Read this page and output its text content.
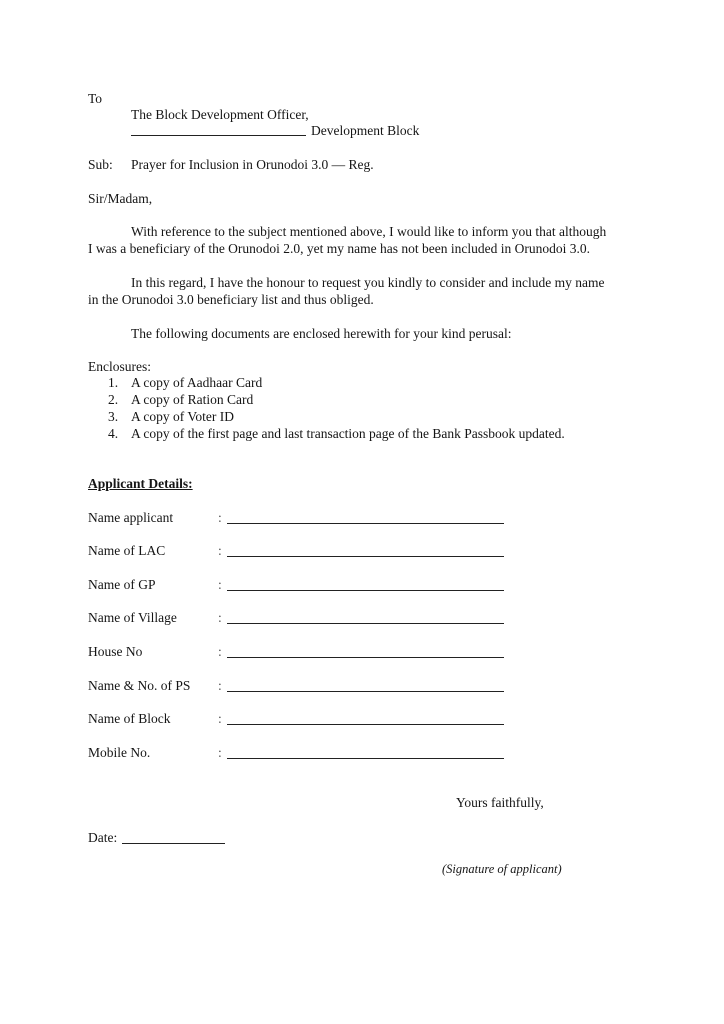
To
The Block Development Officer,
Development Block
Sub: Prayer for Inclusion in Orunodoi 3.0 — Reg.
Sir/Madam,
With reference to the subject mentioned above, I would like to inform you that although
I was a beneficiary of the Orunodoi 2.0, yet my name has not been included in Orunodoi 3.0.
In this regard, I have the honour to request you kindly to consider and include my name
in the Orunodoi 3.0 beneficiary list and thus obliged.
The following documents are enclosed herewith for your kind perusal:
Enclosures:
1. A copy of Aadhaar Card
2. A copy of Ration Card
3. A copy of Voter ID
4. A copy of the first page and last transaction page of the Bank Passbook updated.
Applicant Details:
Name applicant	:
Name of LAC	:
Name of GP	:
Name of Village	:
House No	:
Name & No. of PS :
Name of Block	:
Mobile No.	:
Yours faithfully,
Date:
(Signature of applicant)
